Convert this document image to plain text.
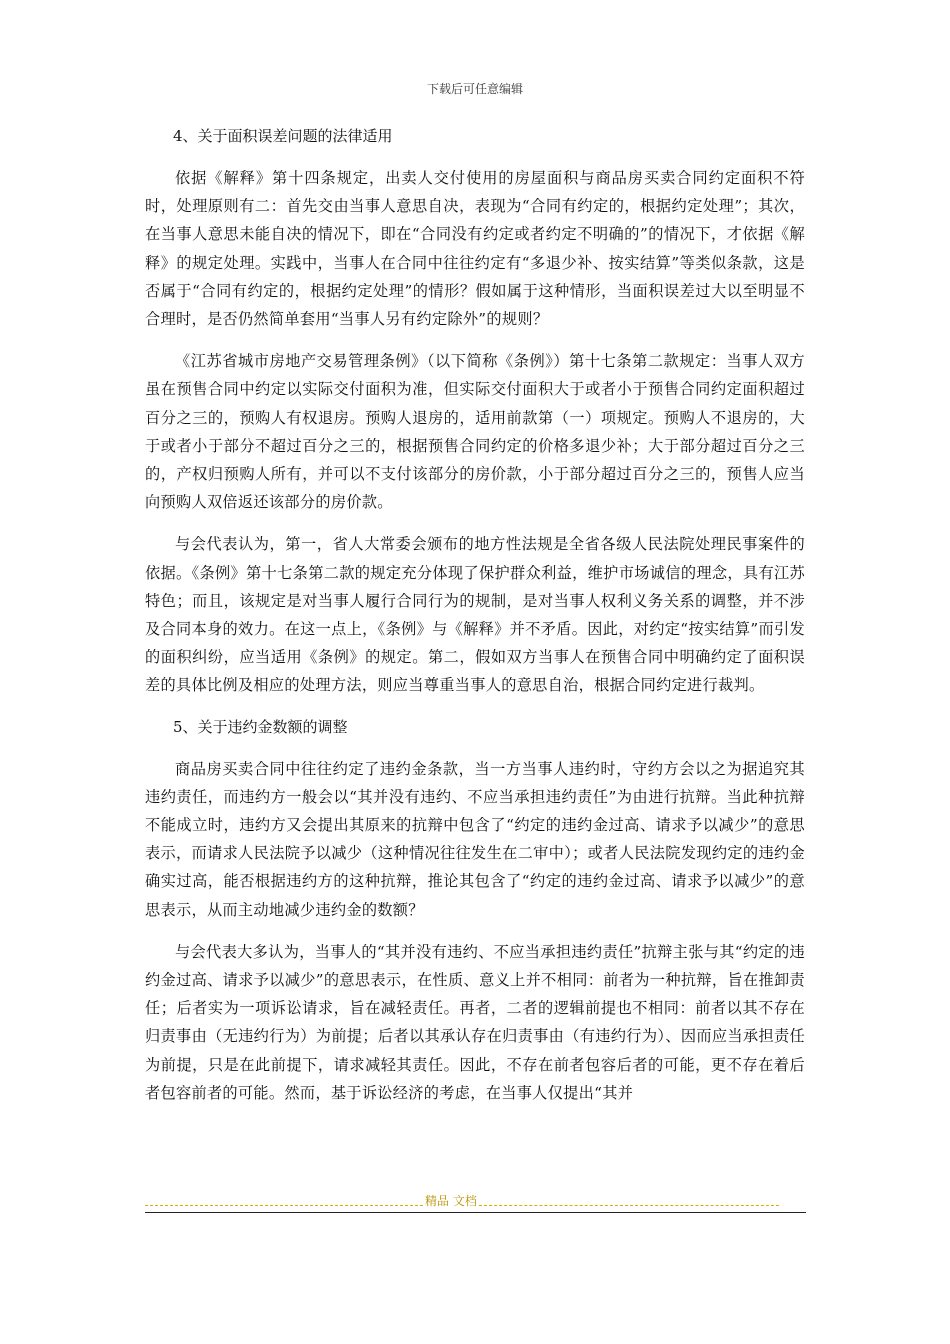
下载后可任意编辑

4、关于面积误差问题的法律适用

依据《解释》第十四条规定，出卖人交付使用的房屋面积与商品房买卖合同约定面积不符时，处理原则有二：首先交由当事人意思自决，表现为“合同有约定的，根据约定处理”；其次，在当事人意思未能自决的情况下，即在“合同没有约定或者约定不明确的”的情况下，才依据《解释》的规定处理。实践中，当事人在合同中往往约定有“多退少补、按实结算”等类似条款，这是否属于“合同有约定的，根据约定处理”的情形？假如属于这种情形，当面积误差过大以至明显不合理时，是否仍然简单套用“当事人另有约定除外”的规则？

《江苏省城市房地产交易管理条例》（以下简称《条例》）第十七条第二款规定：当事人双方虽在预售合同中约定以实际交付面积为准，但实际交付面积大于或者小于预售合同约定面积超过百分之三的，预购人有权退房。预购人退房的，适用前款第（一）项规定。预购人不退房的，大于或者小于部分不超过百分之三的，根据预售合同约定的价格多退少补；大于部分超过百分之三的，产权归预购人所有，并可以不支付该部分的房价款，小于部分超过百分之三的，预售人应当向预购人双倍返还该部分的房价款。

与会代表认为，第一，省人大常委会颁布的地方性法规是全省各级人民法院处理民事案件的依据。《条例》第十七条第二款的规定充分体现了保护群众利益，维护市场诚信的理念，具有江苏特色；而且，该规定是对当事人履行合同行为的规制，是对当事人权利义务关系的调整，并不涉及合同本身的效力。在这一点上，《条例》与《解释》并不矛盾。因此，对约定“按实结算”而引发的面积纠纷，应当适用《条例》的规定。第二，假如双方当事人在预售合同中明确约定了面积误差的具体比例及相应的处理方法，则应当尊重当事人的意思自治，根据合同约定进行裁判。

5、关于违约金数额的调整

商品房买卖合同中往往约定了违约金条款，当一方当事人违约时，守约方会以之为据追究其违约责任，而违约方一般会以“其并没有违约、不应当承担违约责任”为由进行抗辩。当此种抗辩不能成立时，违约方又会提出其原来的抗辩中包含了“约定的违约金过高、请求予以减少”的意思表示，而请求人民法院予以减少（这种情况往往发生在二审中）；或者人民法院发现约定的违约金确实过高，能否根据违约方的这种抗辩，推论其包含了“约定的违约金过高、请求予以减少”的意思表示，从而主动地减少违约金的数额？

与会代表大多认为，当事人的“其并没有违约、不应当承担违约责任”抗辩主张与其“约定的违约金过高、请求予以减少”的意思表示，在性质、意义上并不相同：前者为一种抗辩，旨在推卸责任；后者实为一项诉讼请求，旨在减轻责任。再者，二者的逻辑前提也不相同：前者以其不存在归责事由（无违约行为）为前提；后者以其承认存在归责事由（有违约行为）、因而应当承担责任为前提，只是在此前提下，请求减轻其责任。因此，不存在前者包容后者的可能，更不存在着后者包容前者的可能。然而，基于诉讼经济的考虑，在当事人仅提出“其并

精品 文档
